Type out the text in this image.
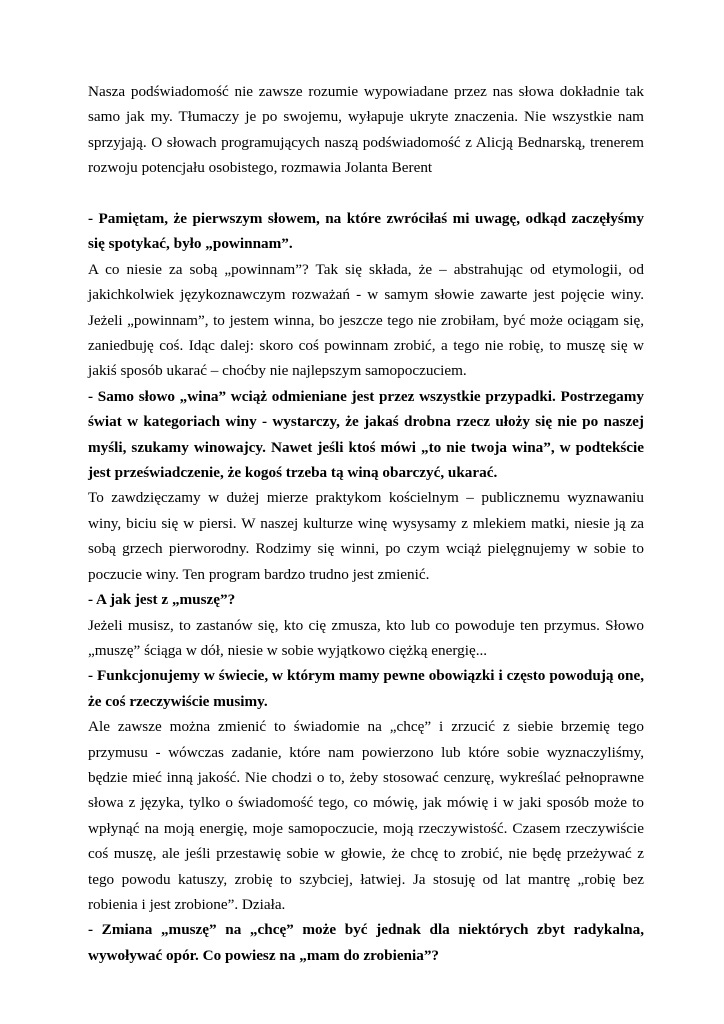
Nasza podświadomość nie zawsze rozumie wypowiadane przez nas słowa dokładnie tak samo jak my. Tłumaczy je po swojemu, wyłapuje ukryte znaczenia. Nie wszystkie nam sprzyjają. O słowach programujących naszą podświadomość z Alicją Bednarską, trenerem rozwoju potencjału osobistego, rozmawia Jolanta Berent

- Pamiętam, że pierwszym słowem, na które zwróciłaś mi uwagę, odkąd zaczęłyśmy się spotykać, było „powinnam”.

A co niesie za sobą „powinnam”? Tak się składa, że – abstrahując od etymologii, od jakichkolwiek językoznawczym rozważań - w samym słowie zawarte jest pojęcie winy. Jeżeli „powinnam”, to jestem winna, bo jeszcze tego nie zrobiłam, być może ociągam się, zaniedbuję coś. Idąc dalej: skoro coś powinnam zrobić, a tego nie robię, to muszę się w jakiś sposób ukarać – choćby nie najlepszym samopoczuciem.

- Samo słowo „wina” wciąż odmieniane jest przez wszystkie przypadki. Postrzegamy świat w kategoriach winy - wystarczy, że jakaś drobna rzecz ułoży się nie po naszej myśli, szukamy winowajcy. Nawet jeśli ktoś mówi „to nie twoja wina”, w podtekście jest przeświadczenie, że kogoś trzeba tą winą obarczyć, ukarać.

To zawdzięczamy w dużej mierze praktykom kościelnym – publicznemu wyznawaniu winy, biciu się w piersi. W naszej kulturze winę wysysamy z mlekiem matki, niesie ją za sobą grzech pierworodny. Rodzimy się winni, po czym wciąż pielęgnujemy w sobie to poczucie winy. Ten program bardzo trudno jest zmienić.

- A jak jest z „muszę”?

Jeżeli musisz, to zastanów się, kto cię zmusza, kto lub co powoduje ten przymus. Słowo „muszę” ściąga w dół, niesie w sobie wyjątkowo ciężką energię...

- Funkcjonujemy w świecie, w którym mamy pewne obowiązki i często powodują one, że coś rzeczywiście musimy.

Ale zawsze można zmienić to świadomie na „chcę” i zrzucić z siebie brzemię tego przymusu - wówczas zadanie, które nam powierzono lub które sobie wyznaczyliśmy, będzie mieć inną jakość. Nie chodzi o to, żeby stosować cenzurę, wykreślać pełnoprawne słowa z języka, tylko o świadomość tego, co mówię, jak mówię i w jaki sposób może to wpłynąć na moją energię, moje samopoczucie, moją rzeczywistość. Czasem rzeczywiście coś muszę, ale jeśli przestawię sobie w głowie, że chcę to zrobić, nie będę przeżywać z tego powodu katuszy, zrobię to szybciej, łatwiej. Ja stosuję od lat mantrę „robię bez robienia i jest zrobione”. Działa.

- Zmiana „muszę” na „chcę” może być jednak dla niektórych zbyt radykalna, wywoływać opór. Co powiesz na „mam do zrobienia”?
